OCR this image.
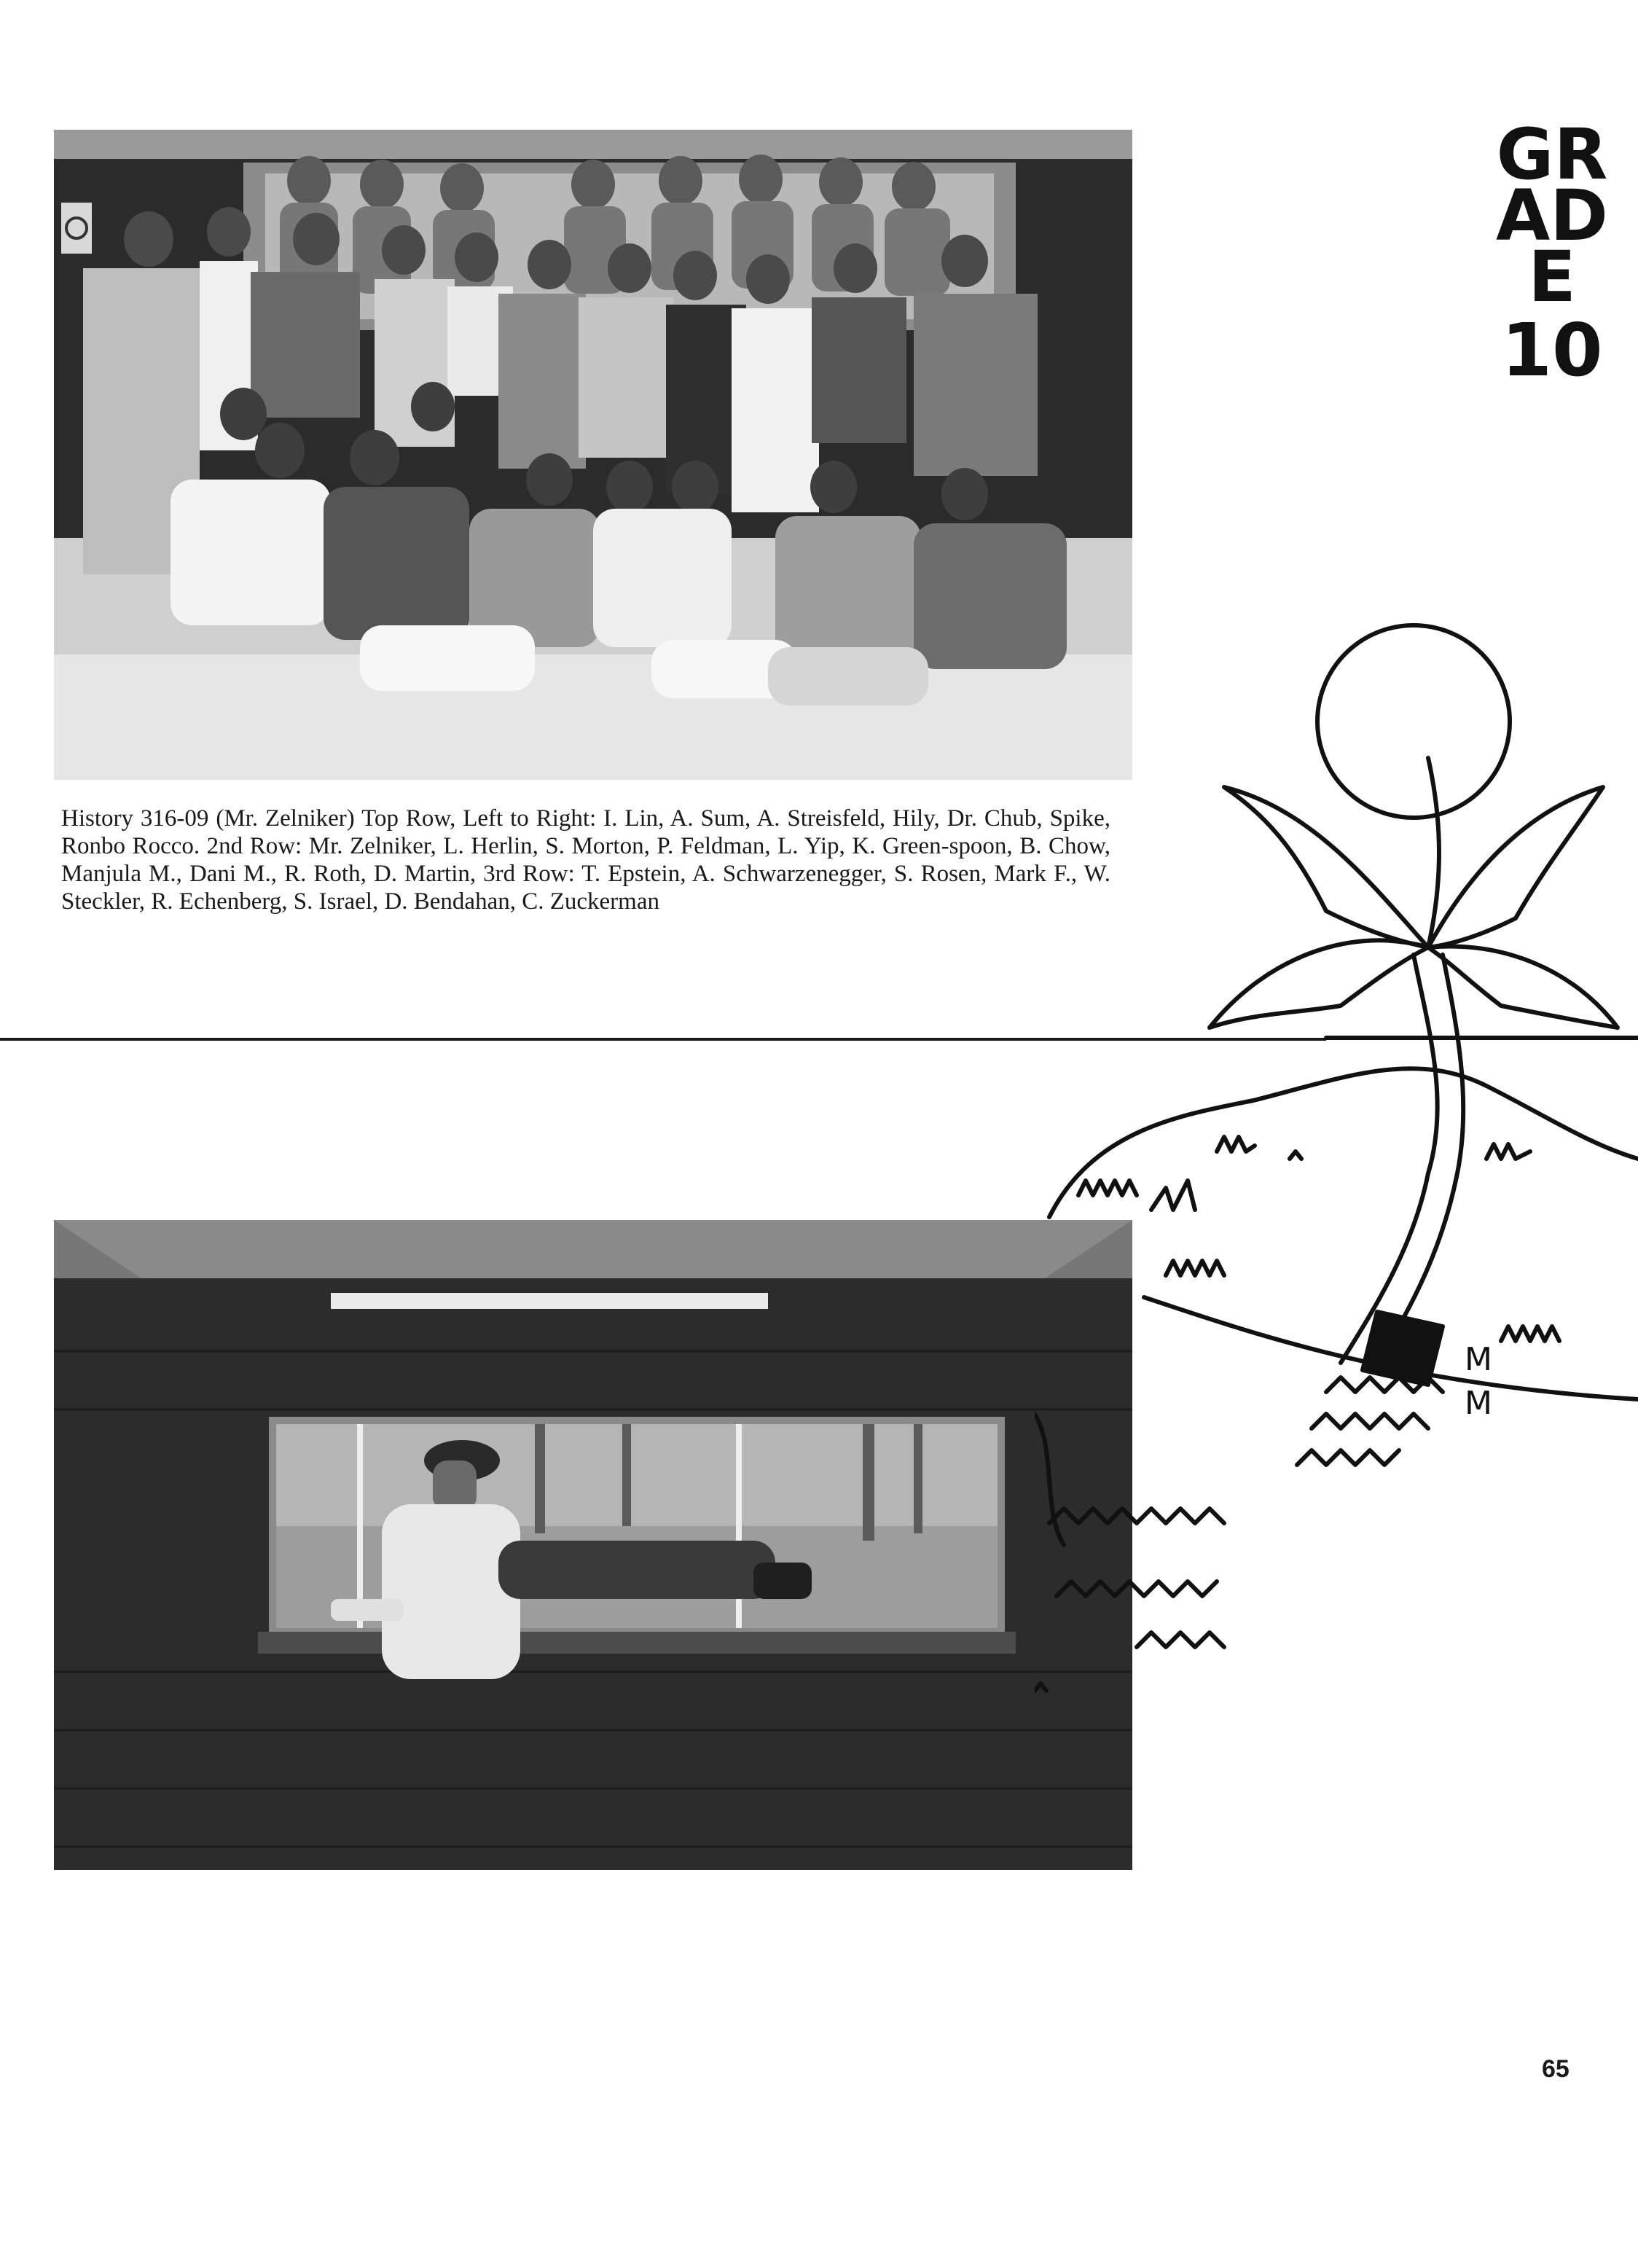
History 316-09 (Mr. Zelniker) Top Row, Left to Right: I. Lin, A. Sum, A. Streisfeld, Hily, Dr. Chub, Spike, Ronbo Rocco. 2nd Row: Mr. Zelniker, L. Herlin, S. Morton, P. Feldman, L. Yip, K. Green-spoon, B. Chow, Manjula M., Dani M., R. Roth, D. Martin, 3rd Row: T. Epstein, A. Schwarzenegger, S. Rosen, Mark F., W. Steckler, R. Echenberg, S. Israel, D. Bendahan, C. Zuckerman

GRADE
10
M
M
65
